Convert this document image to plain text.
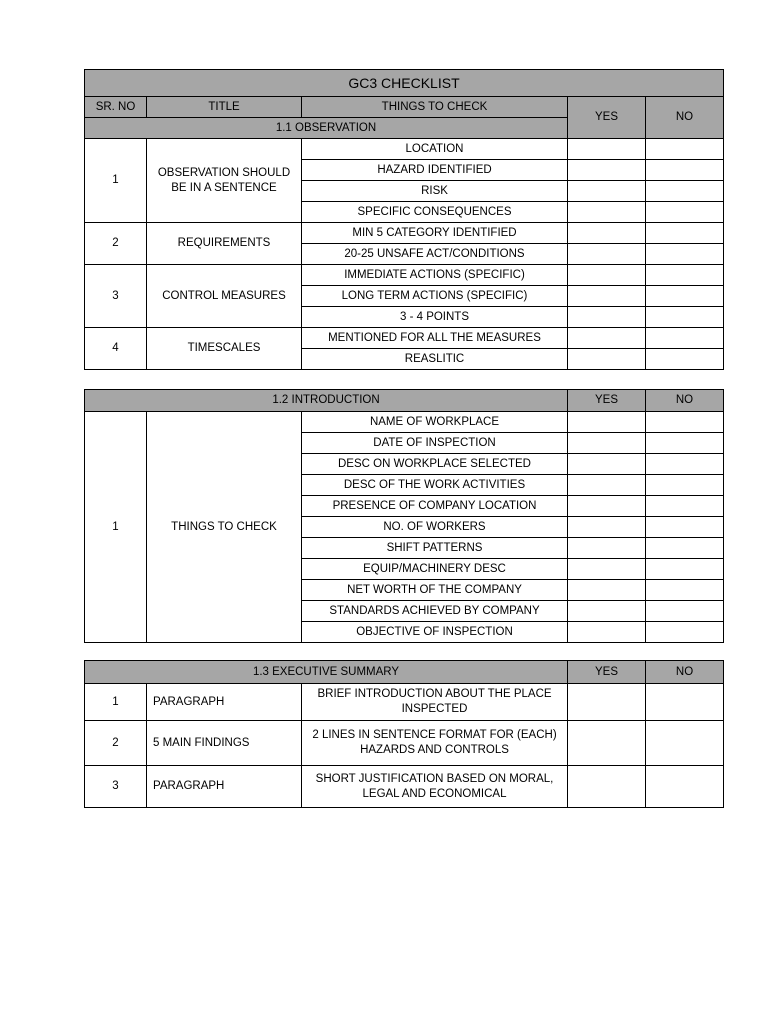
GC3 CHECKLIST				
SR. NO	TITLE	THINGS TO CHECK	YES	NO
1.1 OBSERVATION				
1	OBSERVATION SHOULD BE IN A SENTENCE	LOCATION		
		HAZARD IDENTIFIED		
		RISK		
		SPECIFIC CONSEQUENCES		
2	REQUIREMENTS	MIN 5 CATEGORY IDENTIFIED		
		20-25 UNSAFE ACT/CONDITIONS		
3	CONTROL MEASURES	IMMEDIATE ACTIONS (SPECIFIC)		
		LONG TERM ACTIONS (SPECIFIC)		
		3 - 4 POINTS		
4	TIMESCALES	MENTIONED FOR ALL THE MEASURES		
		REASLITIC		
1.2 INTRODUCTION			YES	NO
1	THINGS TO CHECK	NAME OF WORKPLACE		
		DATE OF INSPECTION		
		DESC ON WORKPLACE SELECTED		
		DESC OF THE WORK ACTIVITIES		
		PRESENCE OF COMPANY LOCATION		
		NO. OF WORKERS		
		SHIFT PATTERNS		
		EQUIP/MACHINERY DESC		
		NET WORTH OF THE COMPANY		
		STANDARDS ACHIEVED BY COMPANY		
		OBJECTIVE OF INSPECTION		
1.3 EXECUTIVE SUMMARY			YES	NO
1	PARAGRAPH	BRIEF INTRODUCTION ABOUT THE PLACE INSPECTED		
2	5 MAIN FINDINGS	2 LINES IN SENTENCE FORMAT FOR (EACH) HAZARDS AND CONTROLS		
3	PARAGRAPH	SHORT JUSTIFICATION BASED ON MORAL, LEGAL AND ECONOMICAL		
